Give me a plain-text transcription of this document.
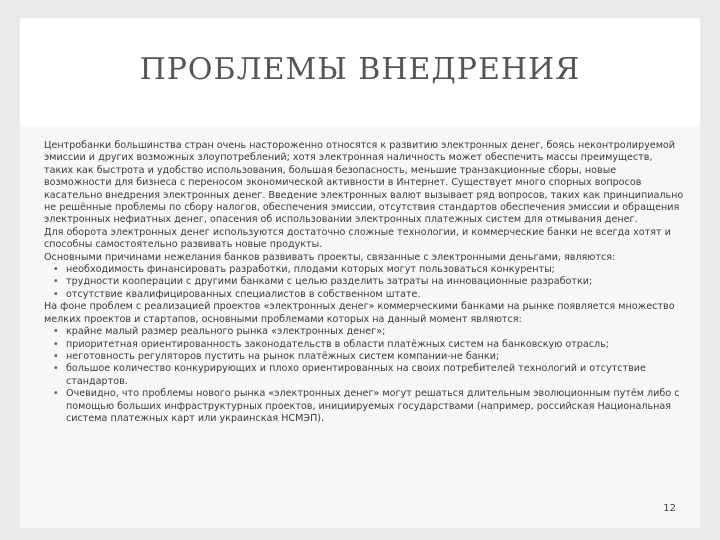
ПРОБЛЕМЫ ВНЕДРЕНИЯ

Центробанки большинства стран очень настороженно относятся к развитию электронных денег, боясь неконтролируемой эмиссии и других возможных злоупотреблений; хотя электронная наличность может обеспечить массы преимуществ, таких как быстрота и удобство использования, большая безопасность, меньшие транзакционные сборы, новые возможности для бизнеса с переносом экономической активности в Интернет. Существует много спорных вопросов касательно внедрения электронных денег. Введение электронных валют вызывает ряд вопросов, таких как принципиально не решённые проблемы по сбору налогов, обеспечения эмиссии, отсутствия стандартов обеспечения эмиссии и обращения электронных нефиатных денег, опасения об использовании электронных платежных систем для отмывания денег.

Для оборота электронных денег используются достаточно сложные технологии, и коммерческие банки не всегда хотят и способны самостоятельно развивать новые продукты.

Основными причинами нежелания банков развивать проекты, связанные с электронными деньгами, являются:

• необходимость финансировать разработки, плодами которых могут пользоваться конкуренты;
• трудности кооперации с другими банками с целью разделить затраты на инновационные разработки;
• отсутствие квалифицированных специалистов в собственном штате.

На фоне проблем с реализацией проектов «электронных денег» коммерческими банками на рынке появляется множество мелких проектов и стартапов, основными проблемами которых на данный момент являются:

• крайне малый размер реального рынка «электронных денег»;
• приоритетная ориентированность законодательств в области платёжных систем на банковскую отрасль;
• неготовность регуляторов пустить на рынок платёжных систем компании-не банки;
• большое количество конкурирующих и плохо ориентированных на своих потребителей технологий и отсутствие стандартов.
• Очевидно, что проблемы нового рынка «электронных денег» могут решаться длительным эволюционным путём либо с помощью больших инфраструктурных проектов, инициируемых государствами (например, российская Национальная система платежных карт или украинская НСМЭП).
12
